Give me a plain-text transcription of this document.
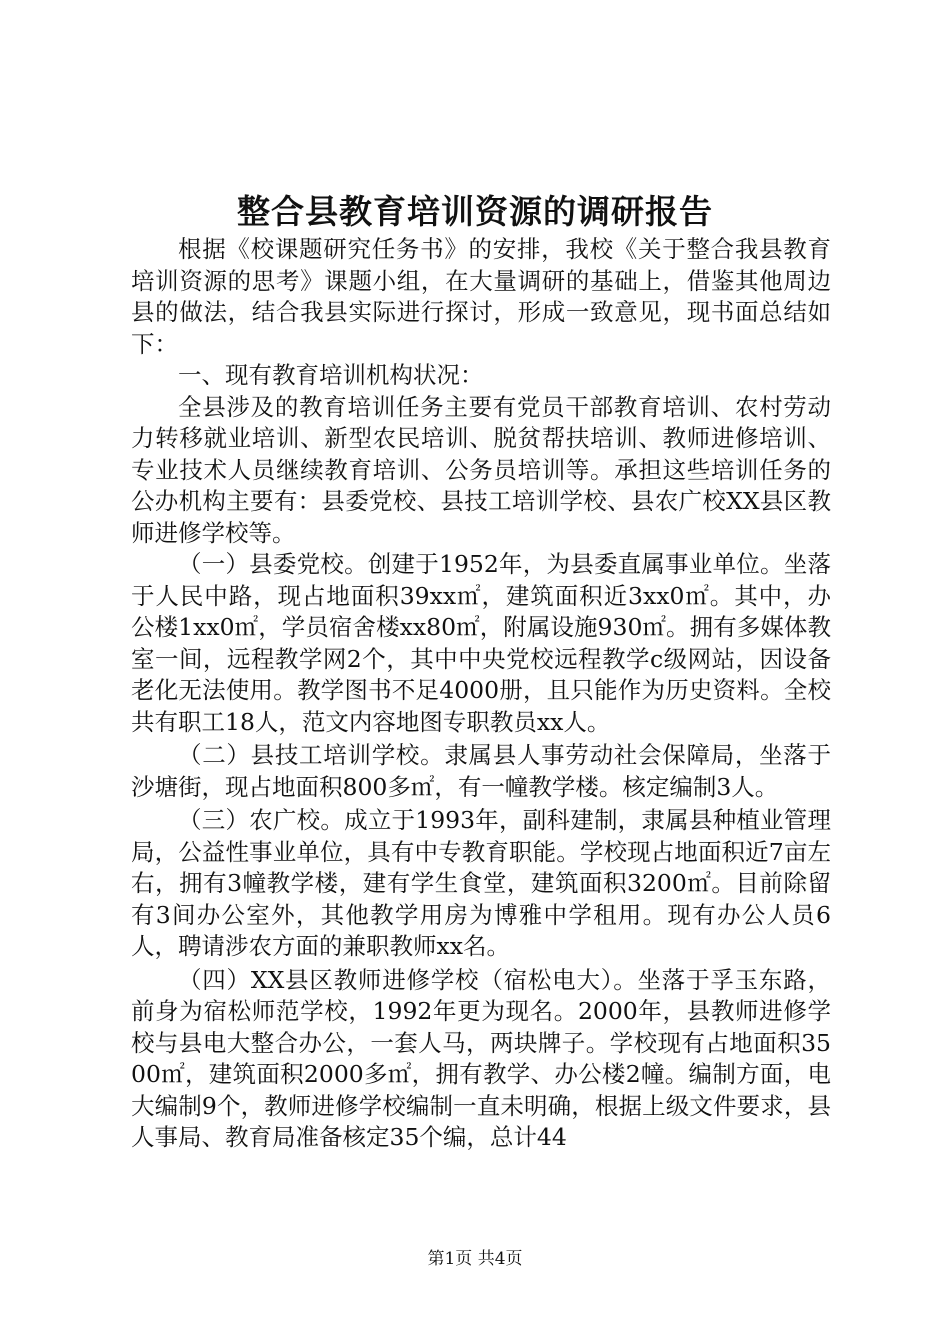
整合县教育培训资源的调研报告

根据《校课题研究任务书》的安排，我校《关于整合我县教育培训资源的思考》课题小组，在大量调研的基础上，借鉴其他周边县的做法，结合我县实际进行探讨，形成一致意见，现书面总结如下：

一、现有教育培训机构状况：

全县涉及的教育培训任务主要有党员干部教育培训、农村劳动力转移就业培训、新型农民培训、脱贫帮扶培训、教师进修培训、专业技术人员继续教育培训、公务员培训等。承担这些培训任务的公办机构主要有：县委党校、县技工培训学校、县农广校XX县区教师进修学校等。

（一）县委党校。创建于1952年，为县委直属事业单位。坐落于人民中路，现占地面积39xx㎡，建筑面积近3xx0㎡。其中，办公楼1xx0㎡，学员宿舍楼xx80㎡，附属设施930㎡。拥有多媒体教室一间，远程教学网2个，其中中央党校远程教学c级网站，因设备老化无法使用。教学图书不足4000册，且只能作为历史资料。全校共有职工18人，范文内容地图专职教员xx人。

（二）县技工培训学校。隶属县人事劳动社会保障局，坐落于沙塘街，现占地面积800多㎡，有一幢教学楼。核定编制3人。

（三）农广校。成立于1993年，副科建制，隶属县种植业管理局，公益性事业单位，具有中专教育职能。学校现占地面积近7亩左右，拥有3幢教学楼，建有学生食堂，建筑面积3200㎡。目前除留有3间办公室外，其他教学用房为博雅中学租用。现有办公人员6人，聘请涉农方面的兼职教师xx名。

（四）XX县区教师进修学校（宿松电大）。坐落于孚玉东路，前身为宿松师范学校，1992年更为现名。2000年，县教师进修学校与县电大整合办公，一套人马，两块牌子。学校现有占地面积3500㎡，建筑面积2000多㎡，拥有教学、办公楼2幢。编制方面，电大编制9个，教师进修学校编制一直未明确，根据上级文件要求，县人事局、教育局准备核定35个编，总计44

第1页 共4页
